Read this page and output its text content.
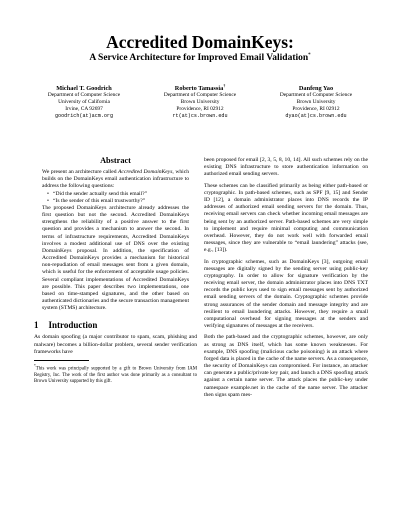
Accredited DomainKeys:
A Service Architecture for Improved Email Validation*
Michael T. Goodrich
Department of Computer Science
University of California
Irvine, CA 92697
goodrich(at)acm.org
Roberto Tamassia†
Department of Computer Science
Brown University
Providence, RI 02912
rt(at)cs.brown.edu
Danfeng Yao
Department of Computer Science
Brown University
Providence, RI 02912
dyao(at)cs.brown.edu
Abstract

We present an architecture called Accredited DomainKeys, which builds on the DomainKeys email authentication infrastructure to address the following questions:

• “Did the sender actually send this email?”
• “Is the sender of this email trustworthy?”

The proposed DomainKeys architecture already addresses the first question but not the second. Accredited DomainKeys strengthens the reliability of a positive answer to the first question and provides a mechanism to answer the second. In terms of infrastructure requirements, Accredited DomainKeys involves a modest additional use of DNS over the existing DomainKeys proposal. In addition, the specification of Accredited DomainKeys provides a mechanism for historical non-repudiation of email messages sent from a given domain, which is useful for the enforcement of acceptable usage policies. Several compliant implementations of Accredited DomainKeys are possible. This paper describes two implementations, one based on time-stamped signatures, and the other based on authenticated dictionaries and the secure transaction management system (STMS) architecture.

1 Introduction

As domain spoofing (a major contributor to spam, scam, phishing and malware) becomes a billion-dollar problem, several sender verification frameworks have

*This work was principally supported by a gift to Brown University from IAM Registry, Inc. The work of the first author was done primarily as a consultant to Brown University supported by this gift.

been proposed for email [2, 3, 5, 8, 10, 14]. All such schemes rely on the existing DNS infrastructure to store authentication information on authorized email sending servers.

These schemes can be classified primarily as being either path-based or cryptographic. In path-based schemes, such as SPF [9, 15] and Sender ID [12], a domain administrator places into DNS records the IP addresses of authorized email sending servers for the domain. Thus, receiving email servers can check whether incoming email messages are being sent by an authorized server. Path-based schemes are very simple to implement and require minimal computing and communication overhead. However, they do not work well with forwarded email messages, since they are vulnerable to “email laundering” attacks (see, e.g., [13]).

In cryptographic schemes, such as DomainKeys [3], outgoing email messages are digitally signed by the sending server using public-key cryptography. In order to allow for signature verification by the receiving email server, the domain administrator places into DNS TXT records the public keys used to sign email messages sent by authorized email sending servers of the domain. Cryptographic schemes provide strong assurances of the sender domain and message integrity and are resilient to email laundering attacks. However, they require a small computational overhead for signing messages at the senders and verifying signatures of messages at the receivers.

Both the path-based and the cryptographic schemes, however, are only as strong as DNS itself, which has some known weaknesses. For example, DNS spoofing (malicious cache poisoning) is an attack where forged data is placed in the cache of the name servers. As a consequence, the security of DomainKeys can compromised. For instance, an attacker can generate a public/private key pair, and launch a DNS spoofing attack against a certain name server. The attack places the public-key under namespace example.net in the cache of the name server. The attacker then signs spam mes-
